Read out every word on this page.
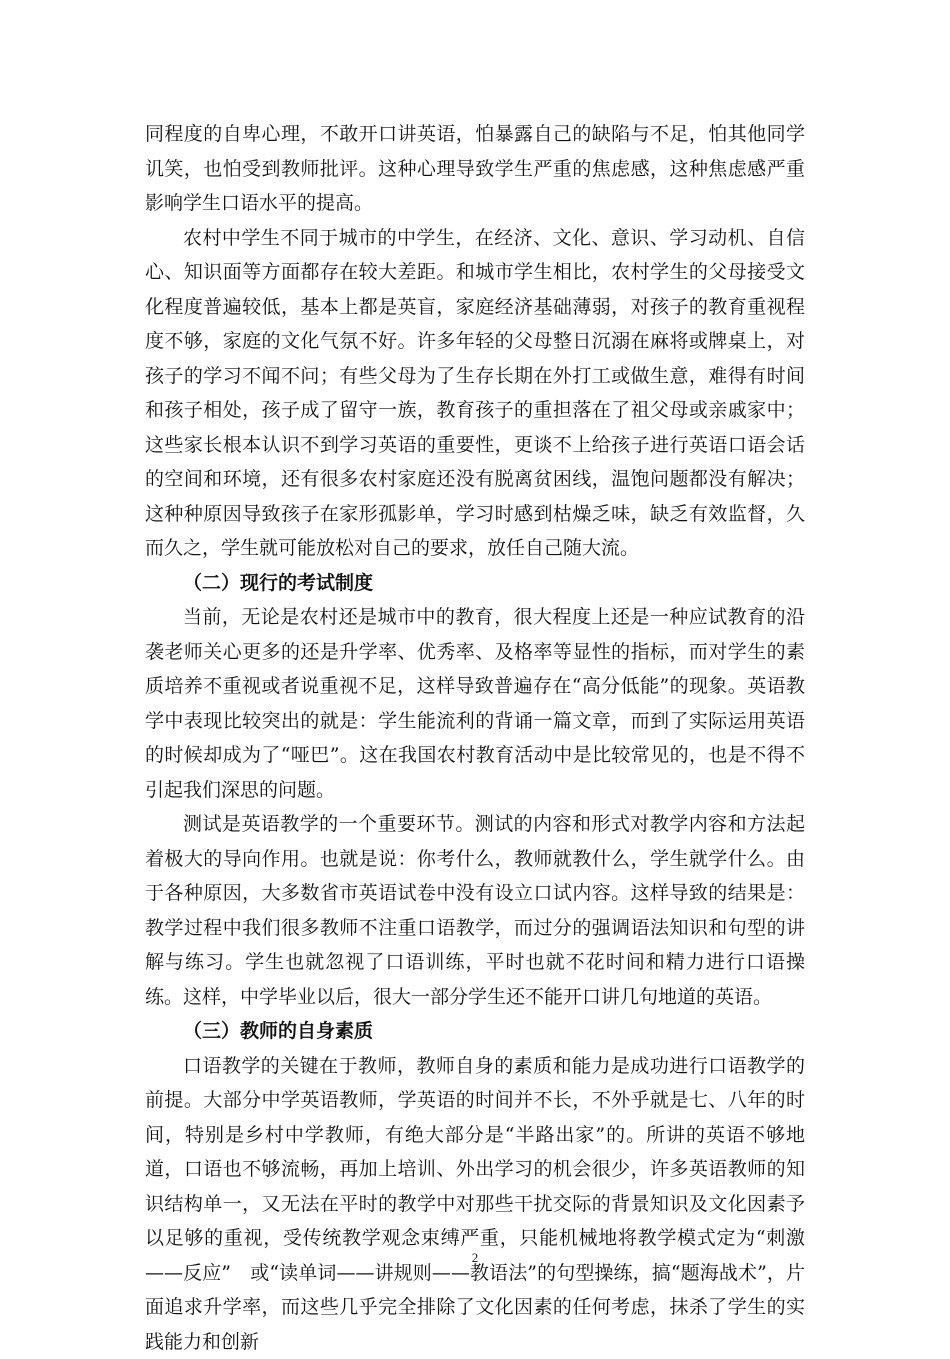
同程度的自卑心理，不敢开口讲英语，怕暴露自己的缺陷与不足，怕其他同学讥笑，也怕受到教师批评。这种心理导致学生严重的焦虑感，这种焦虑感严重影响学生口语水平的提高。

农村中学生不同于城市的中学生，在经济、文化、意识、学习动机、自信心、知识面等方面都存在较大差距。和城市学生相比，农村学生的父母接受文化程度普遍较低，基本上都是英盲，家庭经济基础薄弱，对孩子的教育重视程度不够，家庭的文化气氛不好。许多年轻的父母整日沉溺在麻将或牌桌上，对孩子的学习不闻不问；有些父母为了生存长期在外打工或做生意，难得有时间和孩子相处，孩子成了留守一族，教育孩子的重担落在了祖父母或亲戚家中；这些家长根本认识不到学习英语的重要性，更谈不上给孩子进行英语口语会话的空间和环境，还有很多农村家庭还没有脱离贫困线，温饱问题都没有解决；这种种原因导致孩子在家形孤影单，学习时感到枯燥乏味，缺乏有效监督，久而久之，学生就可能放松对自己的要求，放任自己随大流。

（二）现行的考试制度

当前，无论是农村还是城市中的教育，很大程度上还是一种应试教育的沿袭老师关心更多的还是升学率、优秀率、及格率等显性的指标，而对学生的素质培养不重视或者说重视不足，这样导致普遍存在“高分低能”的现象。英语教学中表现比较突出的就是：学生能流利的背诵一篇文章，而到了实际运用英语的时候却成为了“哑巴”。这在我国农村教育活动中是比较常见的，也是不得不引起我们深思的问题。

测试是英语教学的一个重要环节。测试的内容和形式对教学内容和方法起着极大的导向作用。也就是说：你考什么，教师就教什么，学生就学什么。由于各种原因，大多数省市英语试卷中没有设立口试内容。这样导致的结果是：教学过程中我们很多教师不注重口语教学，而过分的强调语法知识和句型的讲解与练习。学生也就忽视了口语训练，平时也就不花时间和精力进行口语操练。这样，中学毕业以后，很大一部分学生还不能开口讲几句地道的英语。

（三）教师的自身素质

口语教学的关键在于教师，教师自身的素质和能力是成功进行口语教学的前提。大部分中学英语教师，学英语的时间并不长，不外乎就是七、八年的时间，特别是乡村中学教师，有绝大部分是“半路出家”的。所讲的英语不够地道，口语也不够流畅，再加上培训、外出学习的机会很少，许多英语教师的知识结构单一，又无法在平时的教学中对那些干扰交际的背景知识及文化因素予以足够的重视，受传统教学观念束缚严重，只能机械地将教学模式定为“刺激——反应”　或“读单词——讲规则——教语法”的句型操练，搞“题海战术”，片面追求升学率，而这些几乎完全排除了文化因素的任何考虑，抹杀了学生的实践能力和创新

2
